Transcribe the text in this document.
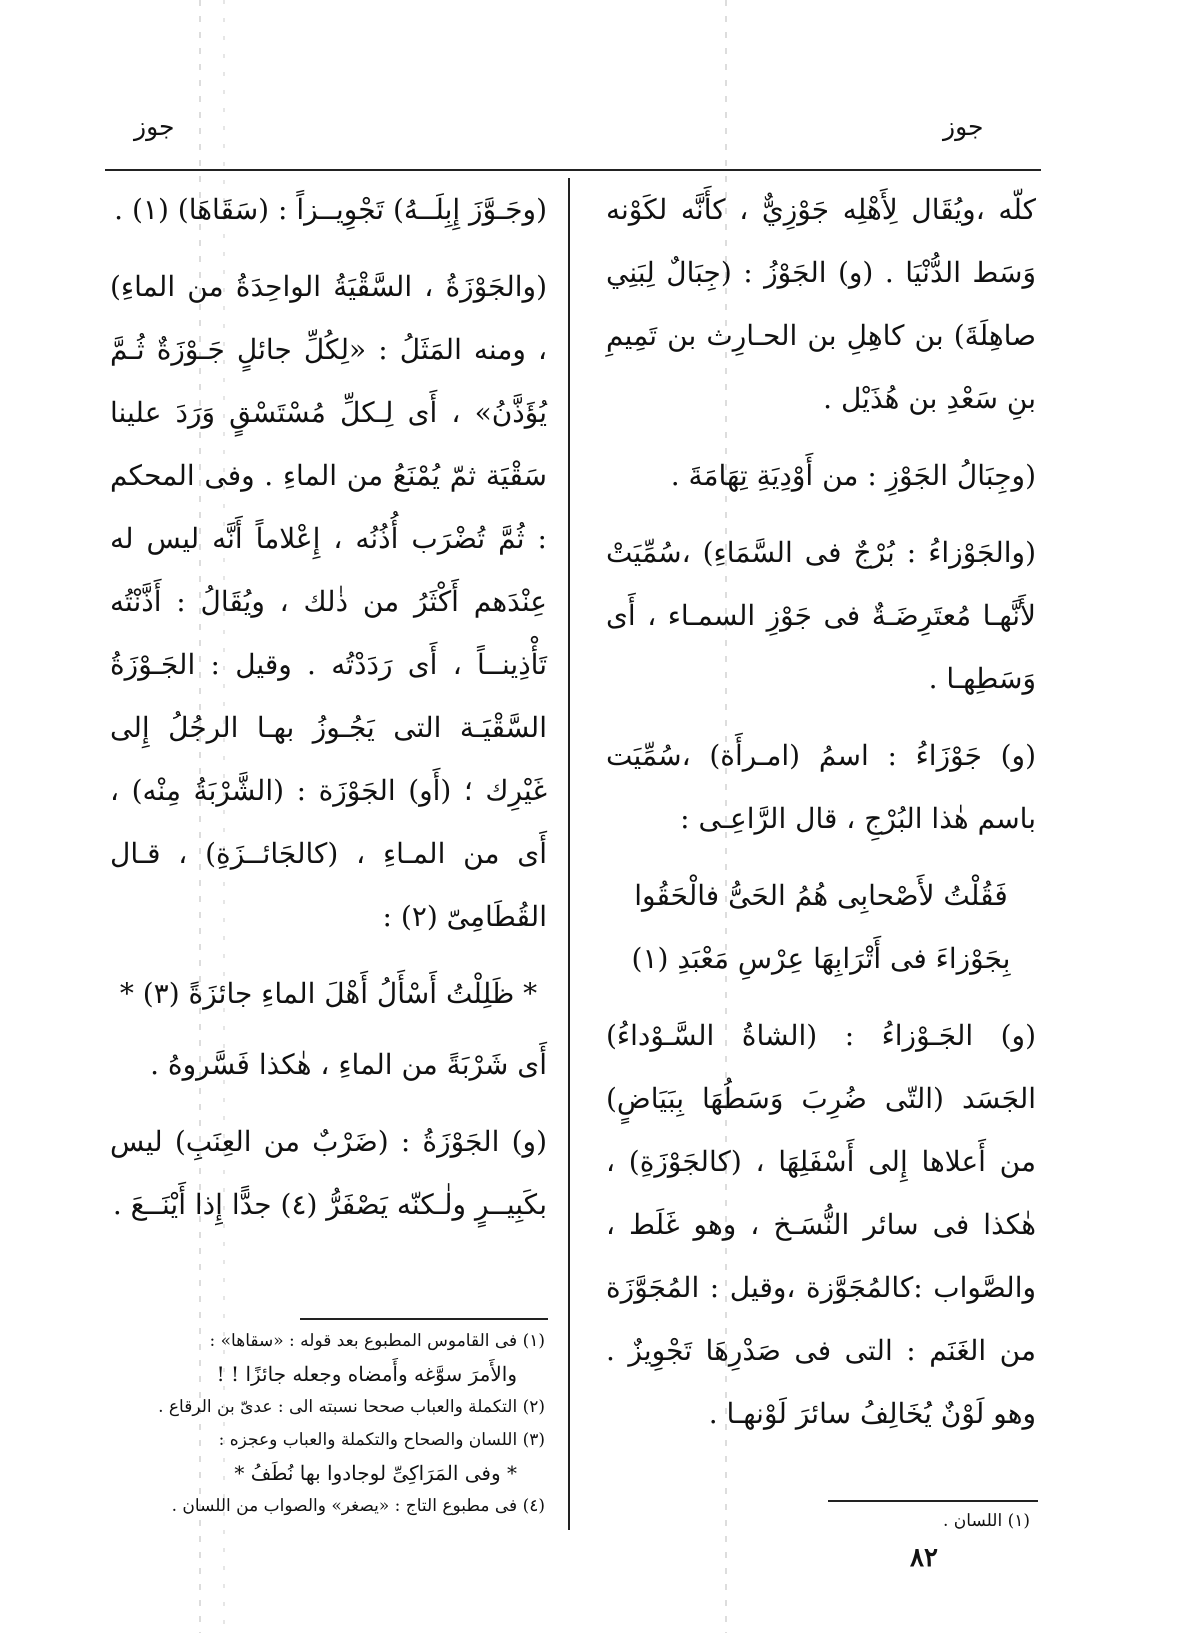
جوز
جوز

كلّه ،ويُقَال لِأَهْلِه جَوْزِيٌّ ، كأَنَّه لكَوْنه وَسَط الدُّنْيَا . (و) الجَوْزُ : (جِبَالٌ لِبَنِي صاهِلَةَ) بن كاهِلِ بن الحـارِث بن تَمِيمِ بنِ سَعْدِ بن هُذَيْل .

(وجِبَالُ الجَوْزِ : من أَوْدِيَةِ تِهَامَةَ .

(والجَوْزاءُ : بُرْجٌ فى السَّمَاءِ) ،سُمِّيَتْ لأَنَّهـا مُعتَرِضَـةٌ فى جَوْزِ السمـاء ، أَى وَسَطِهـا .

(و) جَوْزَاءُ : اسمُ (امـرأَة) ،سُمِّيَت باسم هٰذا البُرْجِ ، قال الرَّاعِـى :

فَقُلْتُ لأَصْحابِى هُمُ الحَىُّ فالْحَقُوا

بِجَوْزاءَ فى أَتْرَابِهَا عِرْسِ مَعْبَدِ (١)

(و) الجَـوْزاءُ : (الشاةُ السَّـوْداءُ) الجَسَد (التّى ضُرِبَ وَسَطُهَا بِبَيَاضٍ) من أَعلاها إِلى أَسْفَلِهَا ، (كالجَوْزَةِ) ، هٰكذا فى سائر النُّسَـخ ، وهو غَلَط ، والصَّواب :كالمُجَوَّزة ،وقيل : المُجَوَّزَة من الغَنَم : التى فى صَدْرِهَا تَجْوِيزٌ . وهو لَوْنٌ يُخَالِفُ سائرَ لَوْنهـا .

(وجَـوَّزَ إِبِلَــهُ) تَجْوِيــزاً : (سَقَاهَا) (١) .

(والجَوْزَةُ ، السَّقْيَةُ الواحِدَةُ من الماءِ) ، ومنه المَثَلُ : «لِكُلِّ جائلٍ جَـوْزَةٌ ثُـمَّ يُؤَذَّنُ» ، أَى لِـكلِّ مُسْتَسْقٍ وَرَدَ علينا سَقْيَة ثمّ يُمْنَعُ من الماءِ . وفى المحكم : ثُمَّ تُضْرَب أُذُنُه ، إِعْلاماً أَنَّه ليس له عِنْدَهم أَكْثَرُ من ذٰلك ، ويُقَالُ : أَذَّنْتُه تَأْذِينــاً ، أَى رَدَدْتُه . وقيل : الجَـوْزَةُ السَّقْيَـة التى يَجُـوزُ بهـا الرجُلُ إِلى غَيْرِك ؛ (أَو) الجَوْزَة : (الشَّرْبَةُ مِنْه) ، أَى من المـاءِ ، (كالجَائــزَةِ) ، قـال القُطَامِىّ (٢) :

* ظَلِلْتُ أَسْأَلُ أَهْلَ الماءِ جائزَةً (٣) *

أَى شَرْبَةً من الماءِ ، هٰكذا فَسَّروهُ .

(و) الجَوْزَةُ : (ضَرْبٌ من العِنَبِ) ليس بكَبِيــرٍ ولٰـكنّه يَصْفَرُّ (٤) جدًّا إِذا أَيْنَــعَ .

(١) فى القاموس المطبوع بعد قوله : «سقاها» :

والأَمرَ سوَّغه وأَمضاه وجعله جائزًا ! !

(٢) التكملة والعباب صححا نسبته الى : عدىّ بن الرقاع .

(٣) اللسان والصحاح والتكملة والعباب وعجزه :

* وفى المَرَاكِىِّ لوجادوا بها نُطَفُ *

(٤) فى مطبوع التاج : «يصغر» والصواب من اللسان .

(١) اللسان .

٨٢
